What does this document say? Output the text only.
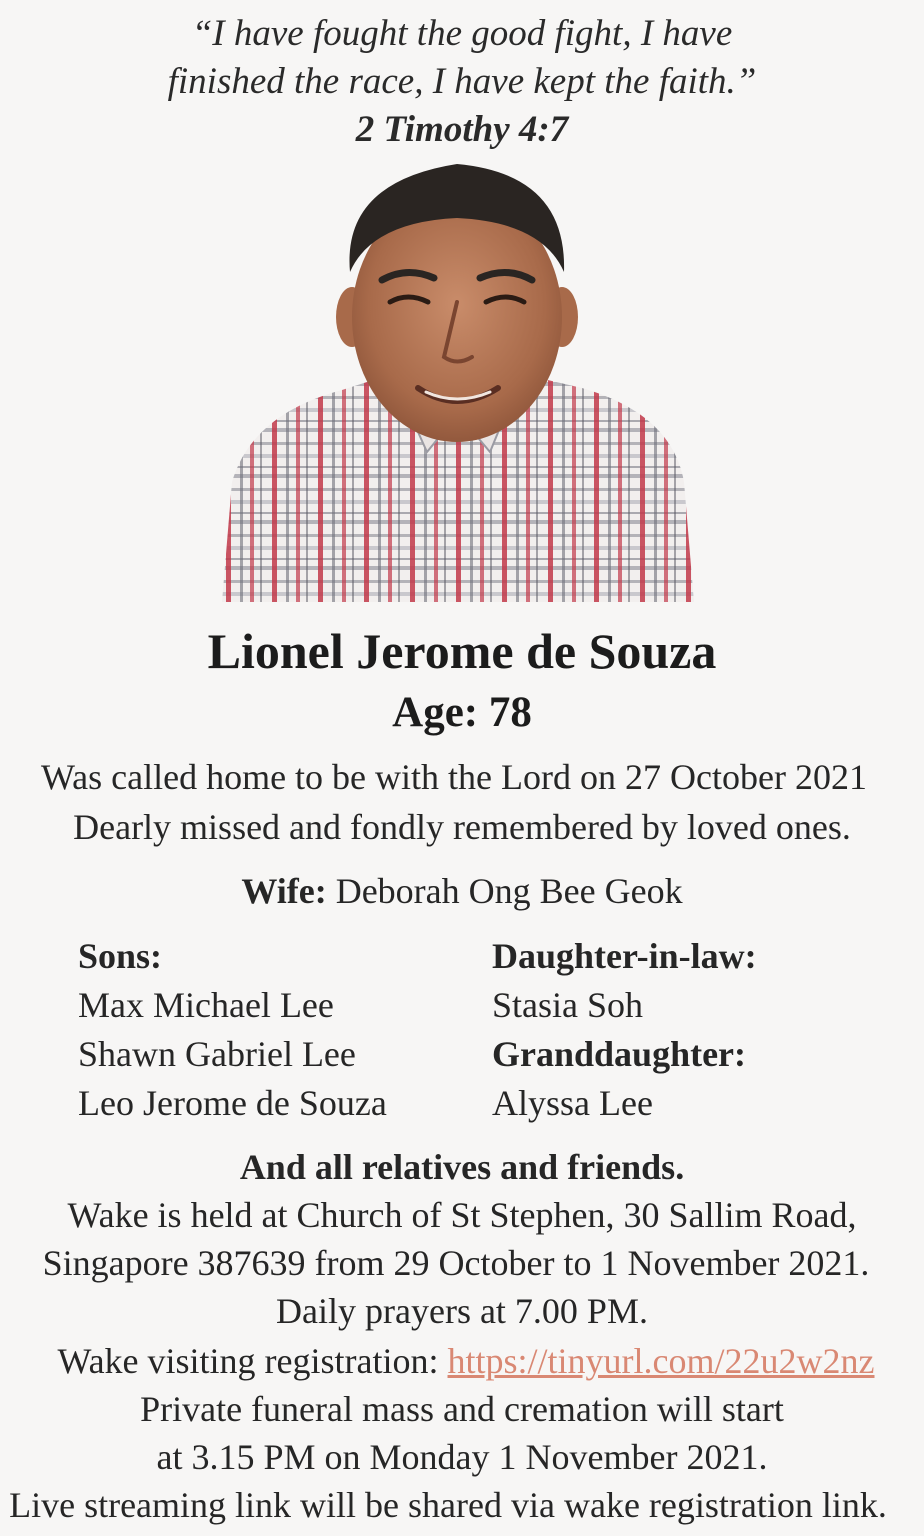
“I have fought the good fight, I have
finished the race, I have kept the faith.”
2 Timothy 4:7
Lionel Jerome de Souza
Age: 78
Was called home to be with the Lord on 27 October 2021
Dearly missed and fondly remembered by loved ones.
Wife: Deborah Ong Bee Geok
Sons:
Max Michael Lee
Shawn Gabriel Lee
Leo Jerome de Souza
Daughter-in-law:
Stasia Soh
Granddaughter:
Alyssa Lee
And all relatives and friends.
Wake is held at Church of St Stephen, 30 Sallim Road,
Singapore 387639 from 29 October to 1 November 2021.
Daily prayers at 7.00 PM.
Wake visiting registration: https://tinyurl.com/22u2w2nz
Private funeral mass and cremation will start
at 3.15 PM on Monday 1 November 2021.
Live streaming link will be shared via wake registration link.
